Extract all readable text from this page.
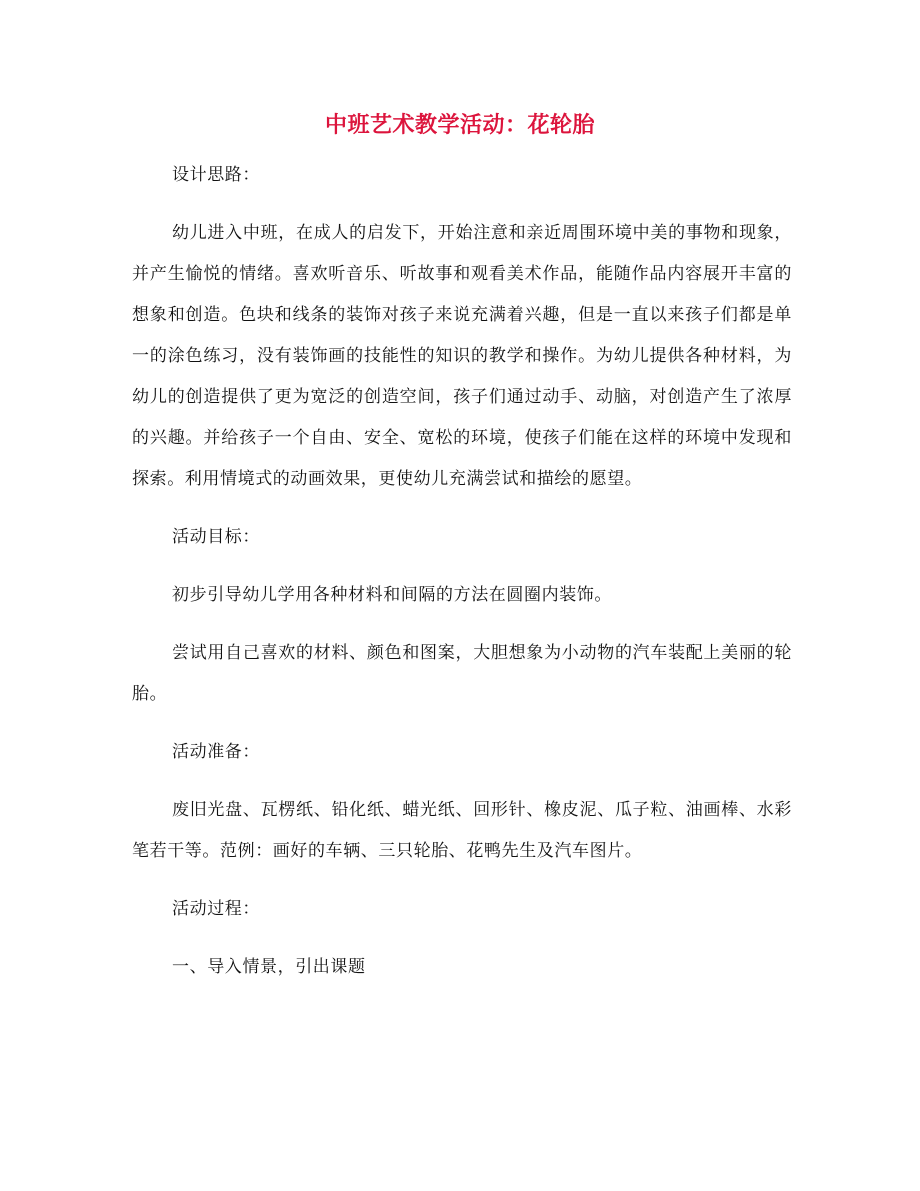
中班艺术教学活动：花轮胎

设计思路：

幼儿进入中班，在成人的启发下，开始注意和亲近周围环境中美的事物和现象，并产生愉悦的情绪。喜欢听音乐、听故事和观看美术作品，能随作品内容展开丰富的想象和创造。色块和线条的装饰对孩子来说充满着兴趣，但是一直以来孩子们都是单一的涂色练习，没有装饰画的技能性的知识的教学和操作。为幼儿提供各种材料，为幼儿的创造提供了更为宽泛的创造空间，孩子们通过动手、动脑，对创造产生了浓厚的兴趣。并给孩子一个自由、安全、宽松的环境，使孩子们能在这样的环境中发现和探索。利用情境式的动画效果，更使幼儿充满尝试和描绘的愿望。

活动目标：

初步引导幼儿学用各种材料和间隔的方法在圆圈内装饰。

尝试用自己喜欢的材料、颜色和图案，大胆想象为小动物的汽车装配上美丽的轮胎。

活动准备：

废旧光盘、瓦楞纸、铅化纸、蜡光纸、回形针、橡皮泥、瓜子粒、油画棒、水彩笔若干等。范例：画好的车辆、三只轮胎、花鸭先生及汽车图片。

活动过程：

一、导入情景，引出课题
